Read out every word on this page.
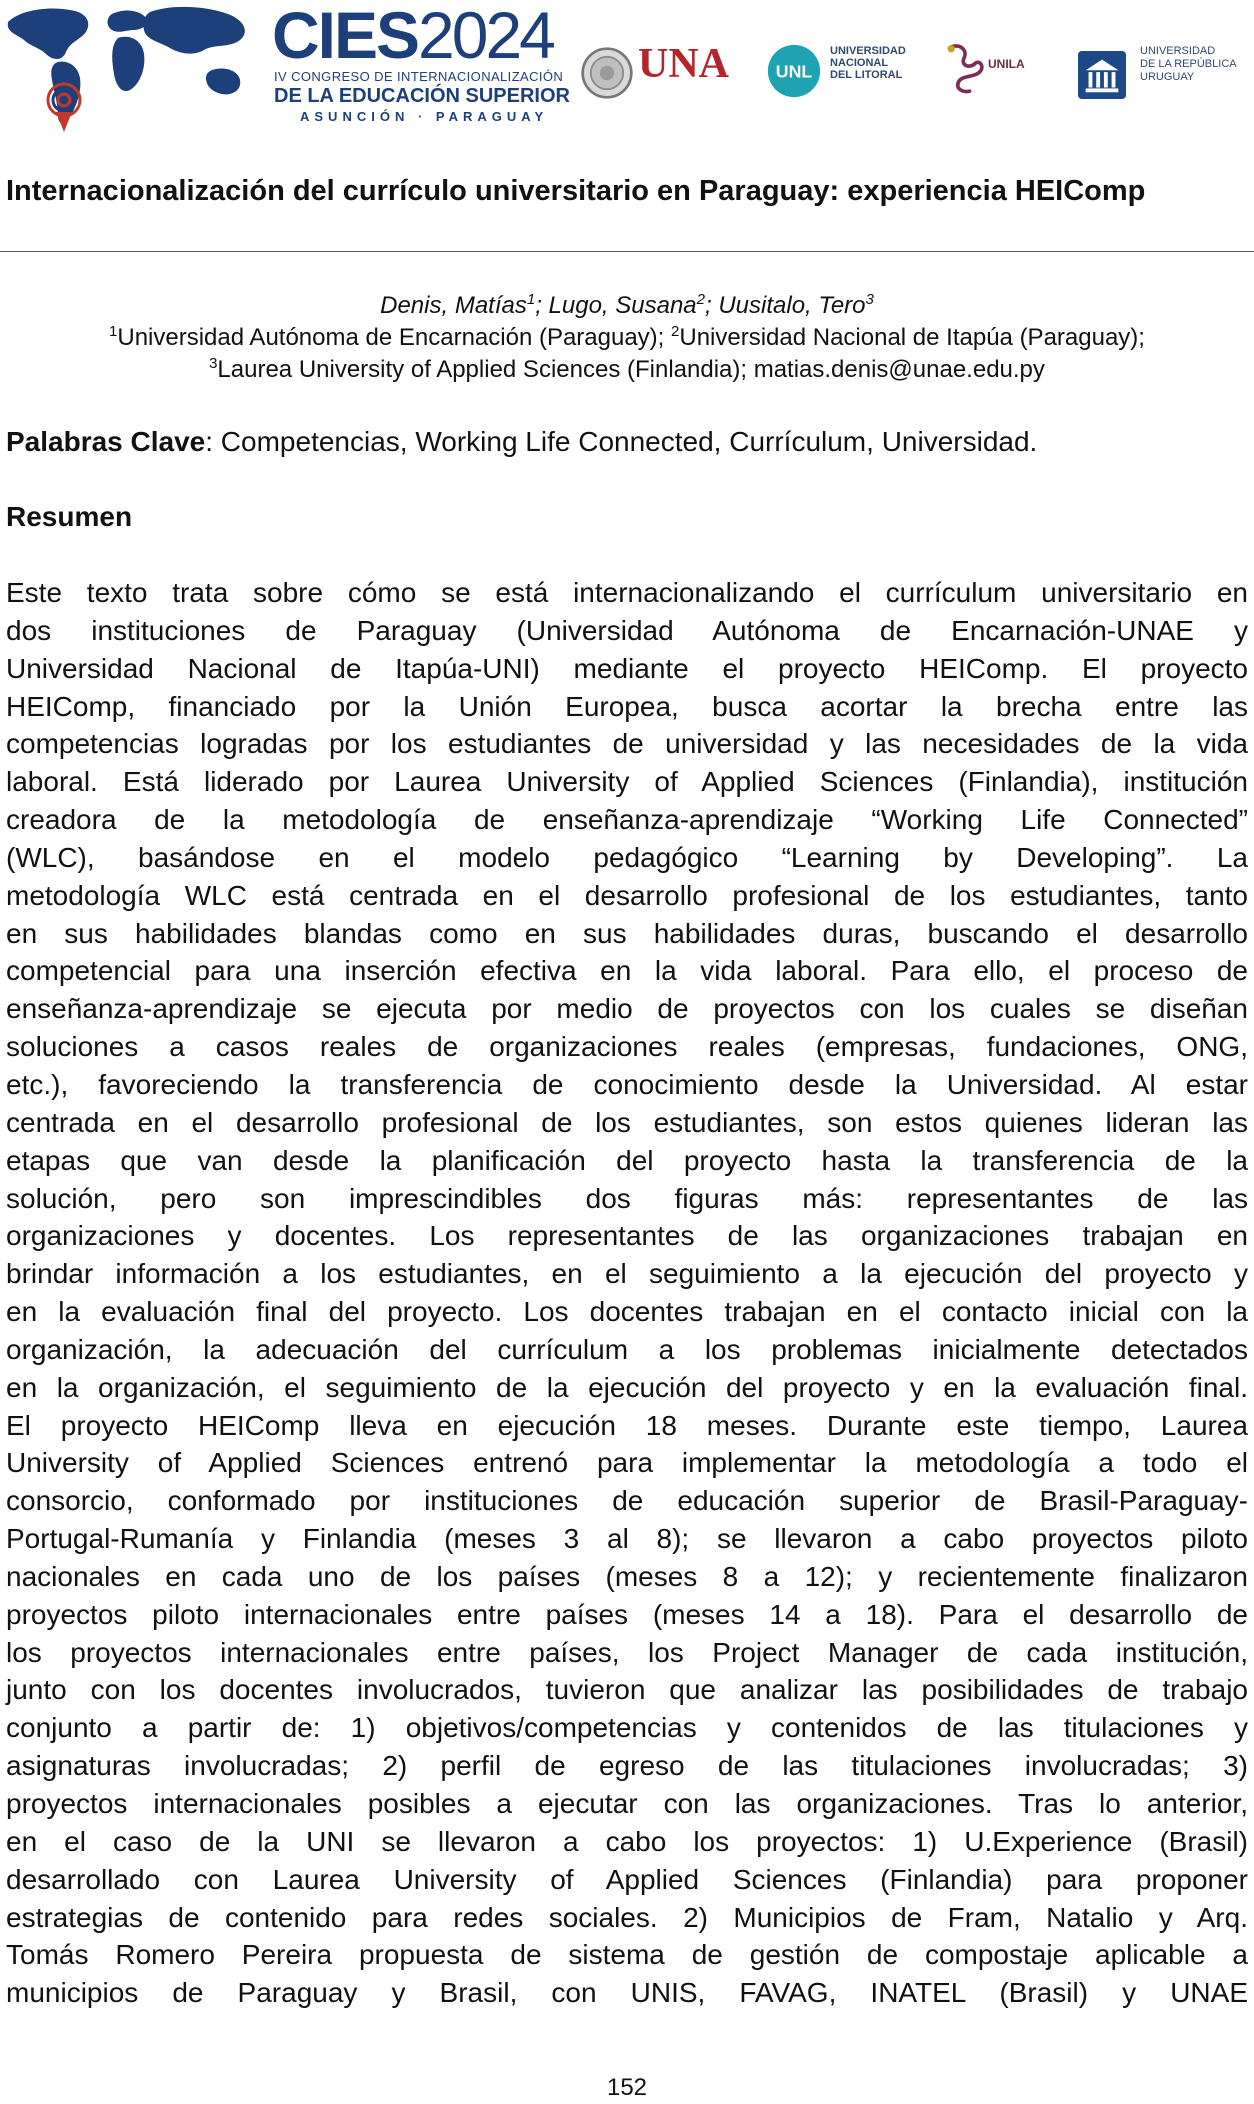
CIES2024
IV CONGRESO DE INTERNACIONALIZACIÓN
DE LA EDUCACIÓN SUPERIOR
ASUNCIÓN · PARAGUAY
UNA UNL
UNIVERSIDAD
NACIONAL
DEL LITORAL
UNILA
UNIVERSIDAD
DE LA REPÚBLICA
URUGUAY
Internacionalización del currículo universitario en Paraguay: experiencia HEIComp
Denis, Matías$^1$; Lugo, Susana$^2$; Uusitalo, Tero$^3$
$^1$Universidad Autónoma de Encarnación (Paraguay); $^2$Universidad Nacional de Itapúa (Paraguay);
$^3$Laurea University of Applied Sciences (Finlandia); matias.denis@unae.edu.py

Palabras Clave: Competencias, Working Life Connected, Currículum, Universidad.

Resumen
Este texto trata sobre cómo se está internacionalizando el currículum universitario en
dos instituciones de Paraguay (Universidad Autónoma de Encarnación-UNAE y
Universidad Nacional de Itapúa-UNI) mediante el proyecto HEIComp. El proyecto
HEIComp, financiado por la Unión Europea, busca acortar la brecha entre las
competencias logradas por los estudiantes de universidad y las necesidades de la vida
laboral. Está liderado por Laurea University of Applied Sciences (Finlandia), institución
creadora de la metodología de enseñanza-aprendizaje “Working Life Connected”
(WLC), basándose en el modelo pedagógico “Learning by Developing”. La
metodología WLC está centrada en el desarrollo profesional de los estudiantes, tanto
en sus habilidades blandas como en sus habilidades duras, buscando el desarrollo
competencial para una inserción efectiva en la vida laboral. Para ello, el proceso de
enseñanza-aprendizaje se ejecuta por medio de proyectos con los cuales se diseñan
soluciones a casos reales de organizaciones reales (empresas, fundaciones, ONG,
etc.), favoreciendo la transferencia de conocimiento desde la Universidad. Al estar
centrada en el desarrollo profesional de los estudiantes, son estos quienes lideran las
etapas que van desde la planificación del proyecto hasta la transferencia de la
solución, pero son imprescindibles dos figuras más: representantes de las
organizaciones y docentes. Los representantes de las organizaciones trabajan en
brindar información a los estudiantes, en el seguimiento a la ejecución del proyecto y
en la evaluación final del proyecto. Los docentes trabajan en el contacto inicial con la
organización, la adecuación del currículum a los problemas inicialmente detectados
en la organización, el seguimiento de la ejecución del proyecto y en la evaluación final.
El proyecto HEIComp lleva en ejecución 18 meses. Durante este tiempo, Laurea
University of Applied Sciences entrenó para implementar la metodología a todo el
consorcio, conformado por instituciones de educación superior de Brasil-Paraguay-
Portugal-Rumanía y Finlandia (meses 3 al 8); se llevaron a cabo proyectos piloto
nacionales en cada uno de los países (meses 8 a 12); y recientemente finalizaron
proyectos piloto internacionales entre países (meses 14 a 18). Para el desarrollo de
los proyectos internacionales entre países, los Project Manager de cada institución,
junto con los docentes involucrados, tuvieron que analizar las posibilidades de trabajo
conjunto a partir de: 1) objetivos/competencias y contenidos de las titulaciones y
asignaturas involucradas; 2) perfil de egreso de las titulaciones involucradas; 3)
proyectos internacionales posibles a ejecutar con las organizaciones. Tras lo anterior,
en el caso de la UNI se llevaron a cabo los proyectos: 1) U.Experience (Brasil)
desarrollado con Laurea University of Applied Sciences (Finlandia) para proponer
estrategias de contenido para redes sociales. 2) Municipios de Fram, Natalio y Arq.
Tomás Romero Pereira propuesta de sistema de gestión de compostaje aplicable a
municipios de Paraguay y Brasil, con UNIS, FAVAG, INATEL (Brasil) y UNAE
152
